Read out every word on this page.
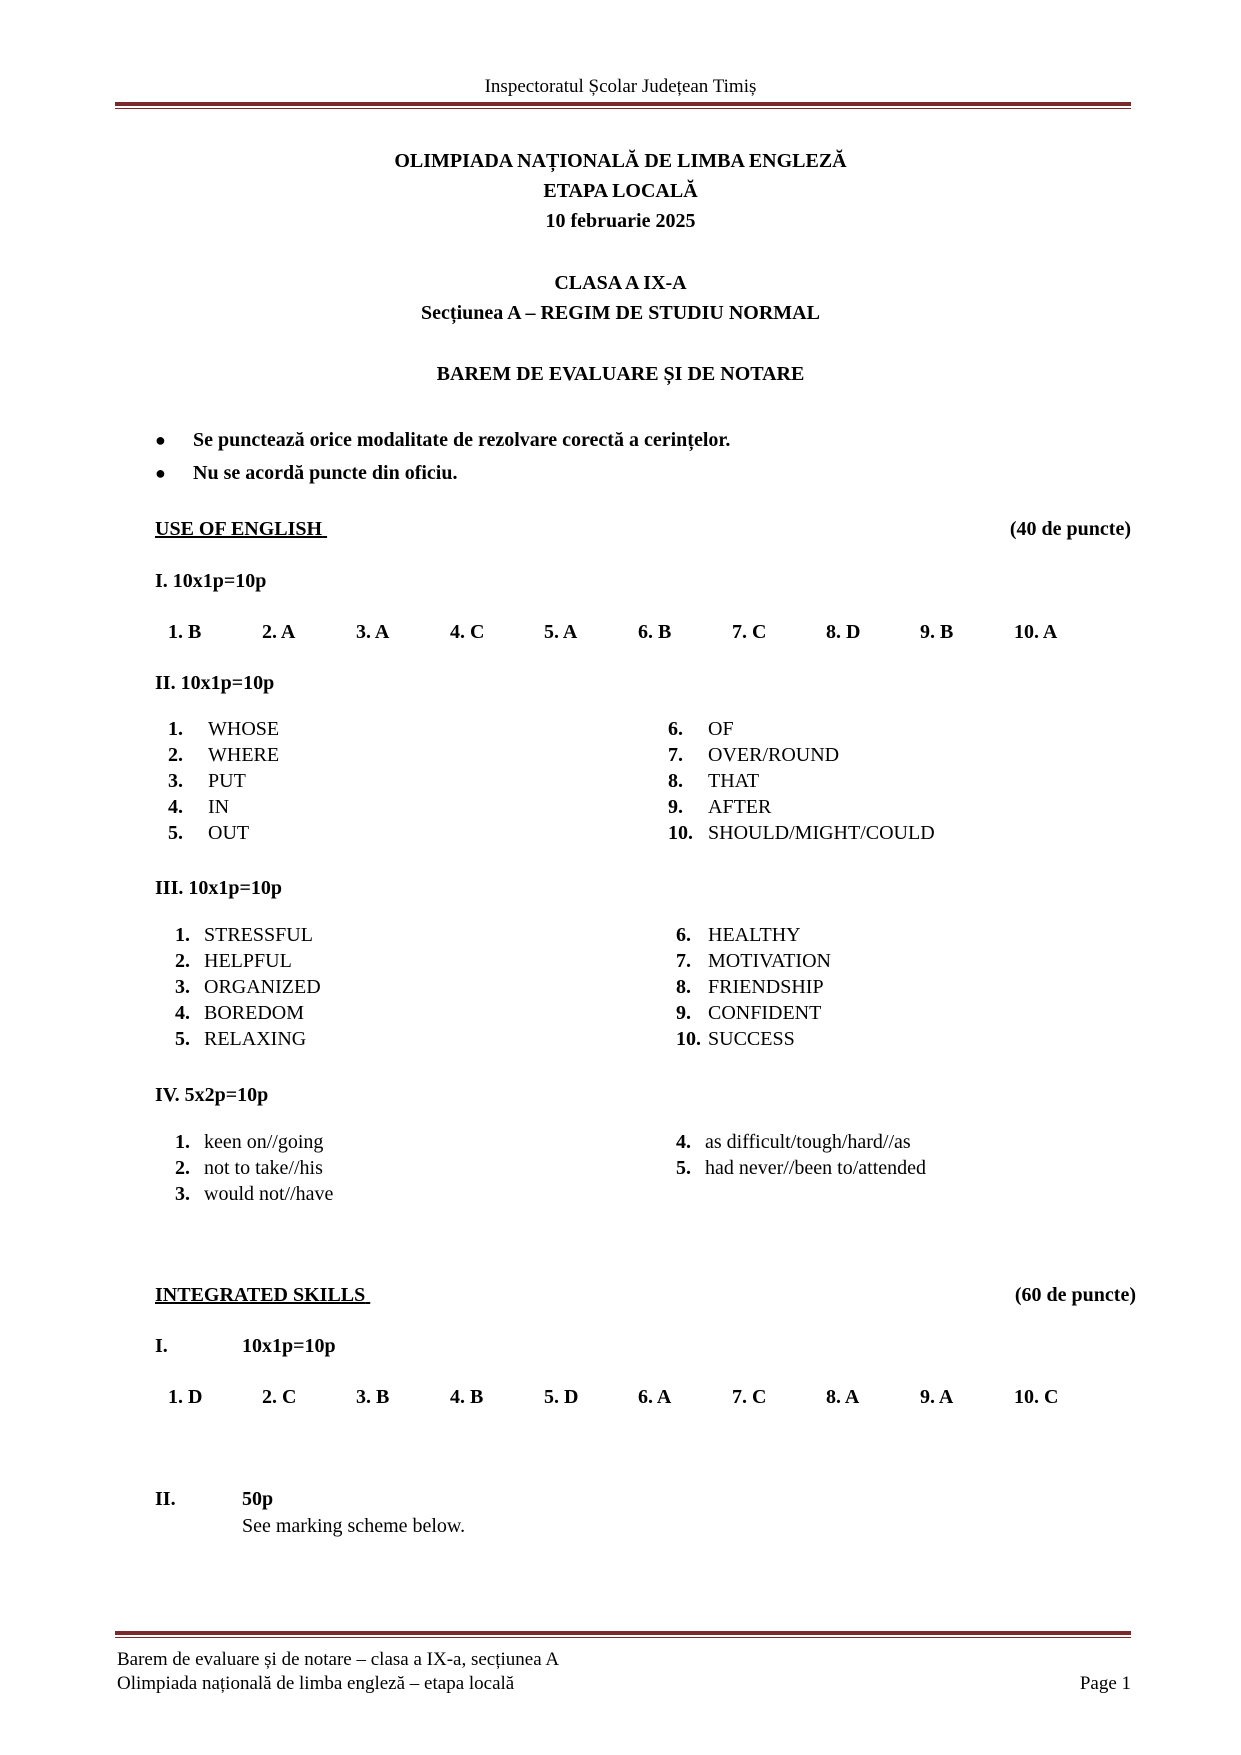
Inspectoratul Școlar Județean Timiș
OLIMPIADA NAȚIONALĂ DE LIMBA ENGLEZĂ
ETAPA LOCALĂ
10 februarie 2025
CLASA A IX-A
Secțiunea A – REGIM DE STUDIU NORMAL
BAREM DE EVALUARE ȘI DE NOTARE
●	Se punctează orice modalitate de rezolvare corectă a cerințelor.
●	Nu se acordă puncte din oficiu.
USE OF ENGLISH	(40 de puncte)
I. 10x1p=10p
1. B	2. A	3. A	4. C	5. A	6. B	7. C	8. D	9. B	10. A
II. 10x1p=10p
1. WHOSE
2. WHERE
3. PUT
4. IN
5. OUT
6. OF
7. OVER/ROUND
8. THAT
9. AFTER
10. SHOULD/MIGHT/COULD
III. 10x1p=10p
1. STRESSFUL
2. HELPFUL
3. ORGANIZED
4. BOREDOM
5. RELAXING
6. HEALTHY
7. MOTIVATION
8. FRIENDSHIP
9. CONFIDENT
10. SUCCESS
IV. 5x2p=10p
1. keen on//going
2. not to take//his
3. would not//have
4. as difficult/tough/hard//as
5. had never//been to/attended
INTEGRATED SKILLS	(60 de puncte)
I.	10x1p=10p
1. D	2. C	3. B	4. B	5. D	6. A	7. C	8. A	9. A	10. C
II.	50p
See marking scheme below.
Barem de evaluare și de notare – clasa a IX-a, secțiunea A
Olimpiada națională de limba engleză – etapa locală	Page 1
